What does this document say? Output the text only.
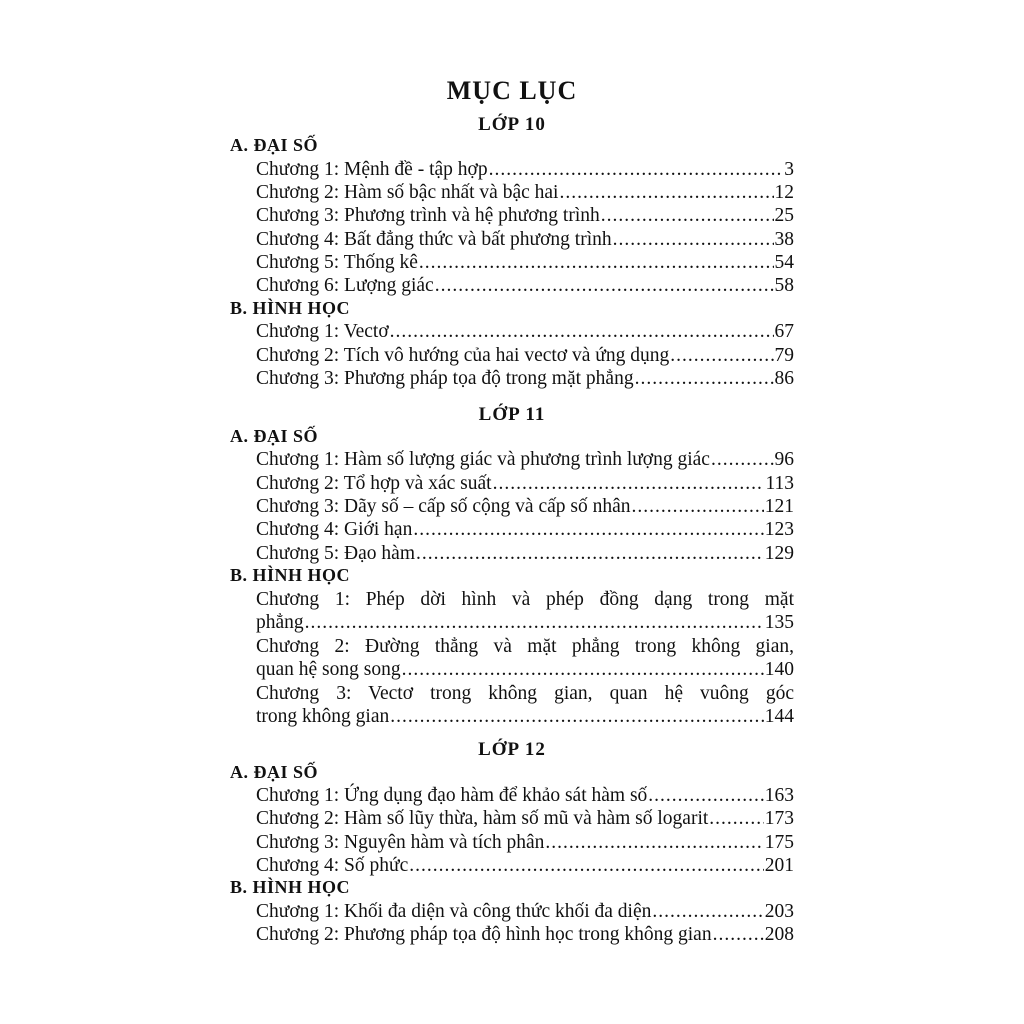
MỤC LỤC
LỚP 10
A. ĐẠI SỐ
Chương 1: Mệnh đề - tập hợp .....	3
Chương 2: Hàm số bậc nhất và bậc hai .....	12
Chương 3: Phương trình và hệ phương trình .....	25
Chương 4: Bất đẳng thức và bất phương trình .....	38
Chương 5: Thống kê .....	54
Chương 6: Lượng giác .....	58
B. HÌNH HỌC
Chương 1: Vectơ .....	67
Chương 2: Tích vô hướng của hai vectơ và ứng dụng .....	79
Chương 3: Phương pháp tọa độ trong mặt phẳng .....	86
LỚP 11
A. ĐẠI SỐ
Chương 1: Hàm số lượng giác và phương trình lượng giác .....	96
Chương 2: Tổ hợp và xác suất .....	113
Chương 3: Dãy số – cấp số cộng và cấp số nhân .....	121
Chương 4: Giới hạn .....	123
Chương 5: Đạo hàm .....	129
B. HÌNH HỌC
Chương 1: Phép dời hình và phép đồng dạng trong mặt
phẳng .....	135
Chương 2: Đường thẳng và mặt phẳng trong không gian,
quan hệ song song .....	140
Chương 3: Vectơ trong không gian, quan hệ vuông góc
trong không gian .....	144
LỚP 12
A. ĐẠI SỐ
Chương 1: Ứng dụng đạo hàm để khảo sát hàm số .....	163
Chương 2: Hàm số lũy thừa, hàm số mũ và hàm số logarit .....	173
Chương 3: Nguyên hàm và tích phân .....	175
Chương 4: Số phức .....	201
B. HÌNH HỌC
Chương 1: Khối đa diện và công thức khối đa diện .....	203
Chương 2: Phương pháp tọa độ hình học trong không gian .....	208
